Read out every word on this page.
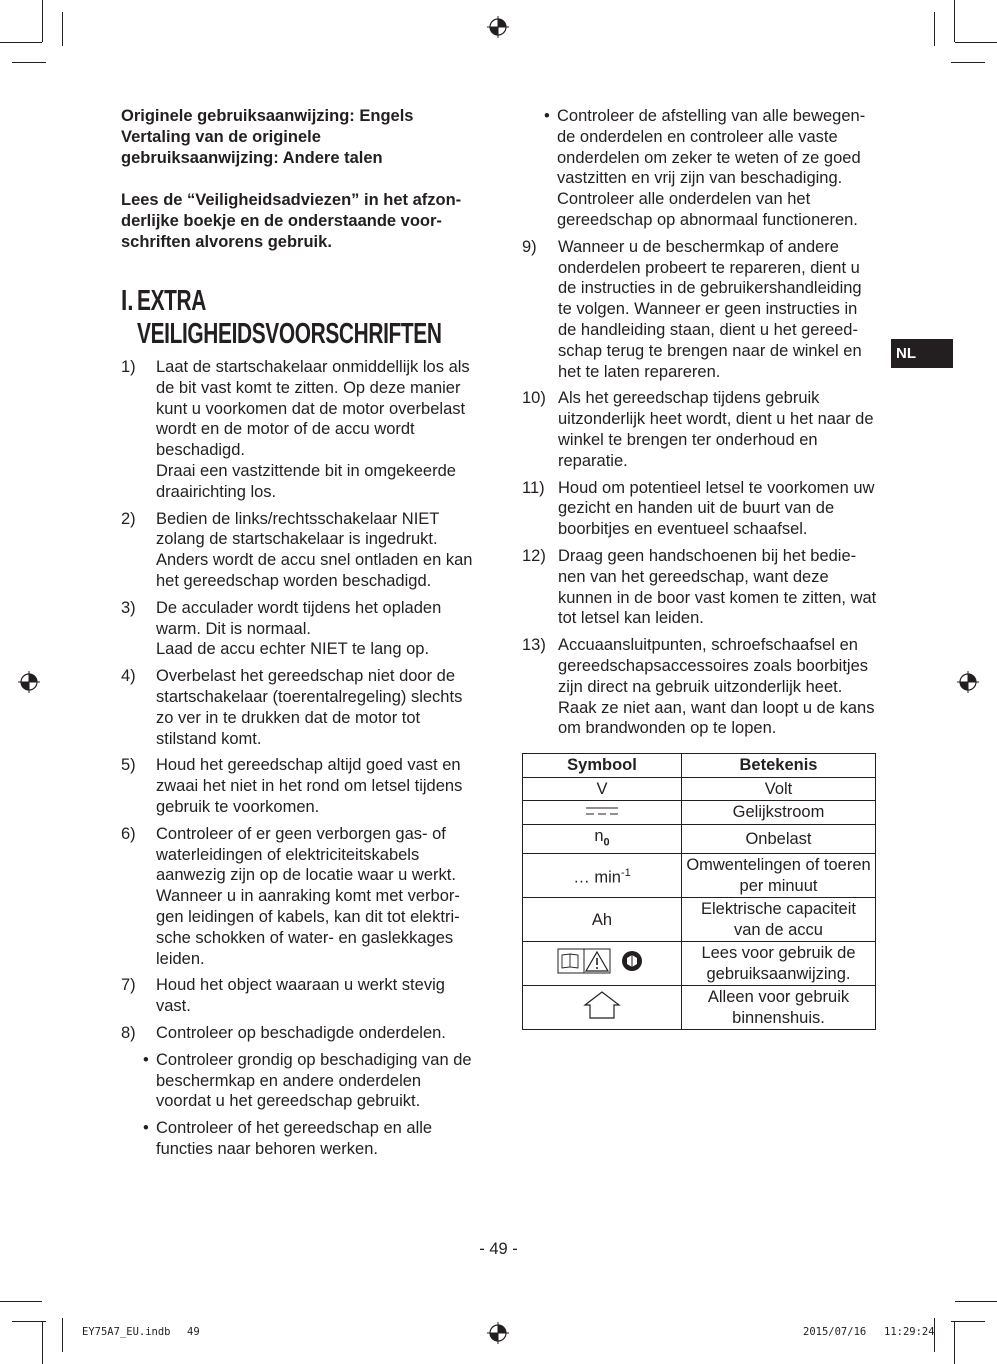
Originele gebruiksaanwijzing: Engels

Vertaling van de originele gebruiksaanwijzing: Andere talen

Lees de “Veiligheidsadviezen” in het afzon-derlijke boekje en de onderstaande voor-schriften alvorens gebruik.

I. EXTRA
VEILIGHEIDSVOORSCHRIFTEN
1)	Laat de startschakelaar onmiddellijk los als de bit vast komt te zitten. Op deze manier kunt u voorkomen dat de motor overbelast wordt en de motor of de accu wordt beschadigd.
Draai een vastzittende bit in omgekeerde draairichting los.
2)	Bedien de links/rechtsschakelaar NIET zolang de startschakelaar is ingedrukt. Anders wordt de accu snel ontladen en kan het gereedschap worden beschadigd.
3)	De acculader wordt tijdens het opladen warm. Dit is normaal.
Laad de accu echter NIET te lang op.
4)	Overbelast het gereedschap niet door de startschakelaar (toerentalregeling) slechts zo ver in te drukken dat de motor tot stilstand komt.
5)	Houd het gereedschap altijd goed vast en zwaai het niet in het rond om letsel tijdens gebruik te voorkomen.
6)	Controleer of er geen verborgen gas- of waterleidingen of elektriciteitskabels aanwezig zijn op de locatie waar u werkt. Wanneer u in aanraking komt met verbor-gen leidingen of kabels, kan dit tot elektri-sche schokken of water- en gaslekkages leiden.
7)	Houd het object waaraan u werkt stevig vast.
8)	Controleer op beschadigde onderdelen.
• Controleer grondig op beschadiging van de beschermkap en andere onderdelen voordat u het gereedschap gebruikt.
• Controleer of het gereedschap en alle functies naar behoren werken.
• Controleer de afstelling van alle bewegen-de onderdelen en controleer alle vaste onderdelen om zeker te weten of ze goed vastzitten en vrij zijn van beschadiging. Controleer alle onderdelen van het gereedschap op abnormaal functioneren.
9)	Wanneer u de beschermkap of andere onderdelen probeert te repareren, dient u de instructies in de gebruikershandleiding te volgen. Wanneer er geen instructies in de handleiding staan, dient u het gereed-schap terug te brengen naar de winkel en het te laten repareren.
10) Als het gereedschap tijdens gebruik uitzonderlijk heet wordt, dient u het naar de winkel te brengen ter onderhoud en reparatie.
11) Houd om potentieel letsel te voorkomen uw gezicht en handen uit de buurt van de boorbitjes en eventueel schaafsel.
12) Draag geen handschoenen bij het bedie-nen van het gereedschap, want deze kunnen in de boor vast komen te zitten, wat tot letsel kan leiden.
13) Accuaansluitpunten, schroefschaafsel en gereedschapsaccessoires zoals boorbitjes zijn direct na gebruik uitzonderlijk heet. Raak ze niet aan, want dan loopt u de kans om brandwonden op te lopen.
Symbool	Betekenis
V	Volt
	Gelijkstroom
$n_0$	Onbelast
… $\min^{-1}$	Omwentelingen of toeren per minuut
Ah	Elektrische capaciteit van de accu
	Lees voor gebruik de gebruiksaanwijzing.
	Alleen voor gebruik binnenshuis.
NL
- 49 -
EY75A7_EU.indb 49	2015/07/16 11:29:24
